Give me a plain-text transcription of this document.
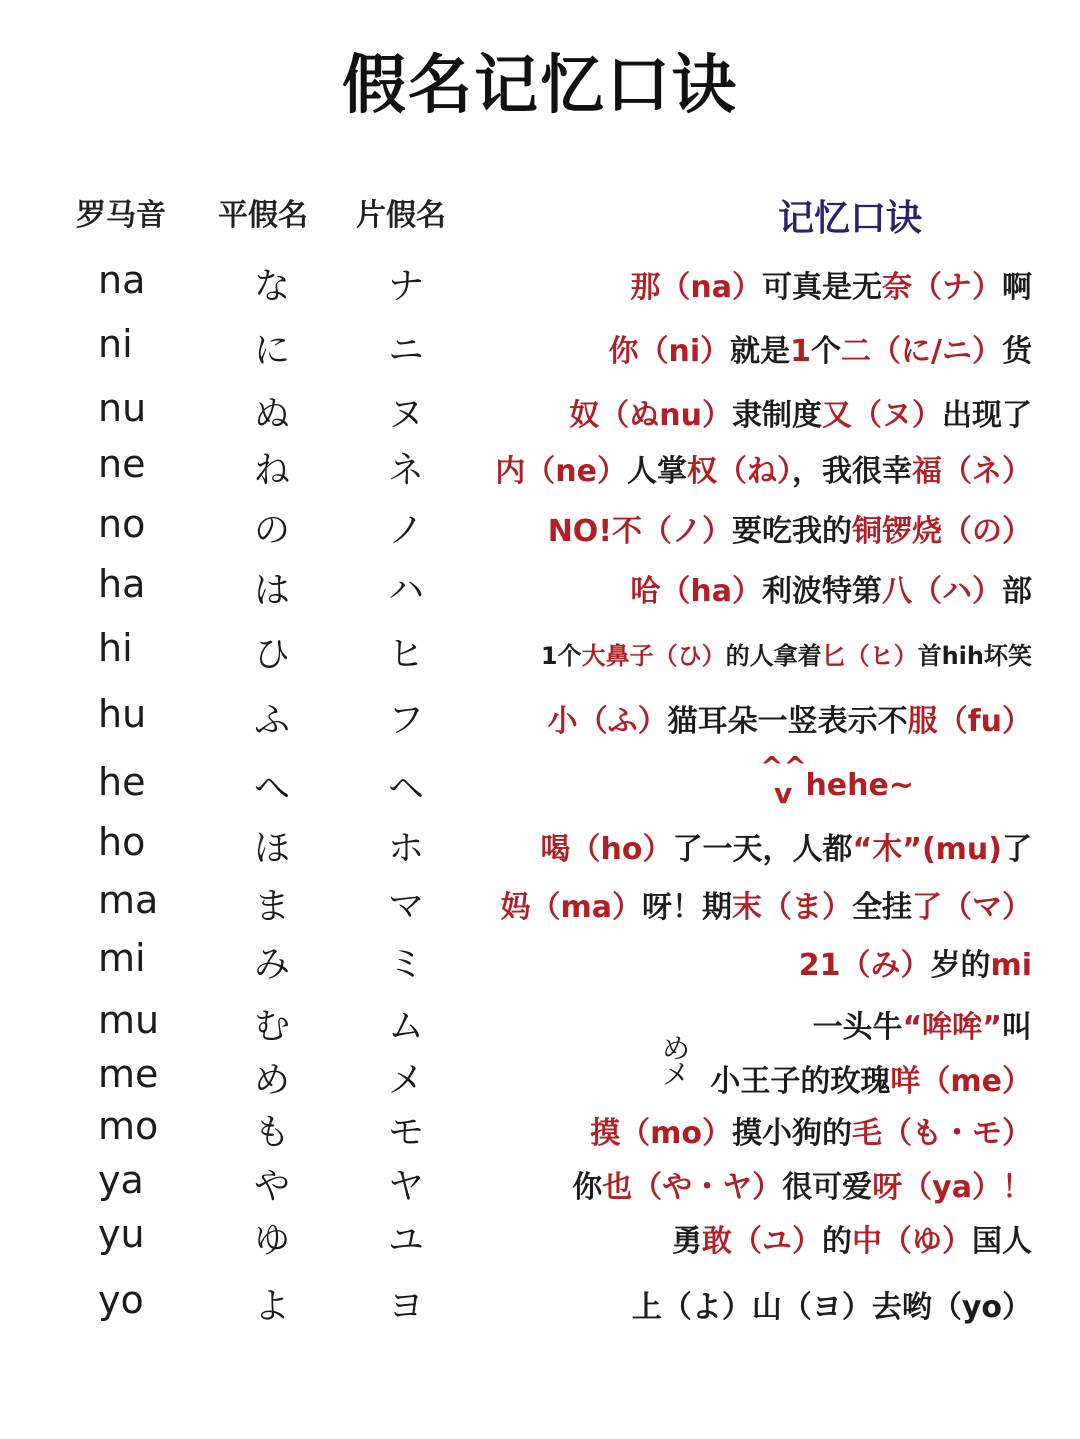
假名记忆口诀
罗马音 平假名 片假名	记忆口诀
na	な	ナ	那（na）可真是无奈（ナ）啊
ni	に	ニ	你（ni）就是1个二（に/ニ）货
nu	ぬ	ヌ	奴（ぬnu）隶制度又（ヌ）出现了
ne	ね	ネ	内（ne）人掌权（ね），我很幸福（ネ）
no	の	ノ	NO!不（ノ）要吃我的铜锣烧（の）
ha	は	ハ	哈（ha）利波特第八（ハ）部
hi	ひ	ヒ	1个大鼻子（ひ）的人拿着匕（ヒ）首hih坏笑
hu	ふ	フ	小（ふ）猫耳朵一竖表示不服（fu）
he	へ	ヘ	hehe~
ho	ほ	ホ	喝（ho）了一天，人都“木”(mu)了
ma	ま	マ	妈（ma）呀！期末（ま）全挂了（マ）
mi	み	ミ	21（み）岁的mi
mu	む	ム	一头牛“哞哞”叫
me	め	メ	小王子的玫瑰咩（me）
mo	も	モ	摸（mo）摸小狗的毛（も・モ）
ya	や	ヤ	你也（や・ヤ）很可爱呀（ya）！
yu	ゆ	ユ	勇敢（ユ）的中（ゆ）国人
yo	よ	ヨ	上（よ）山（ヨ）去哟（yo）
^^
v
め
メ
